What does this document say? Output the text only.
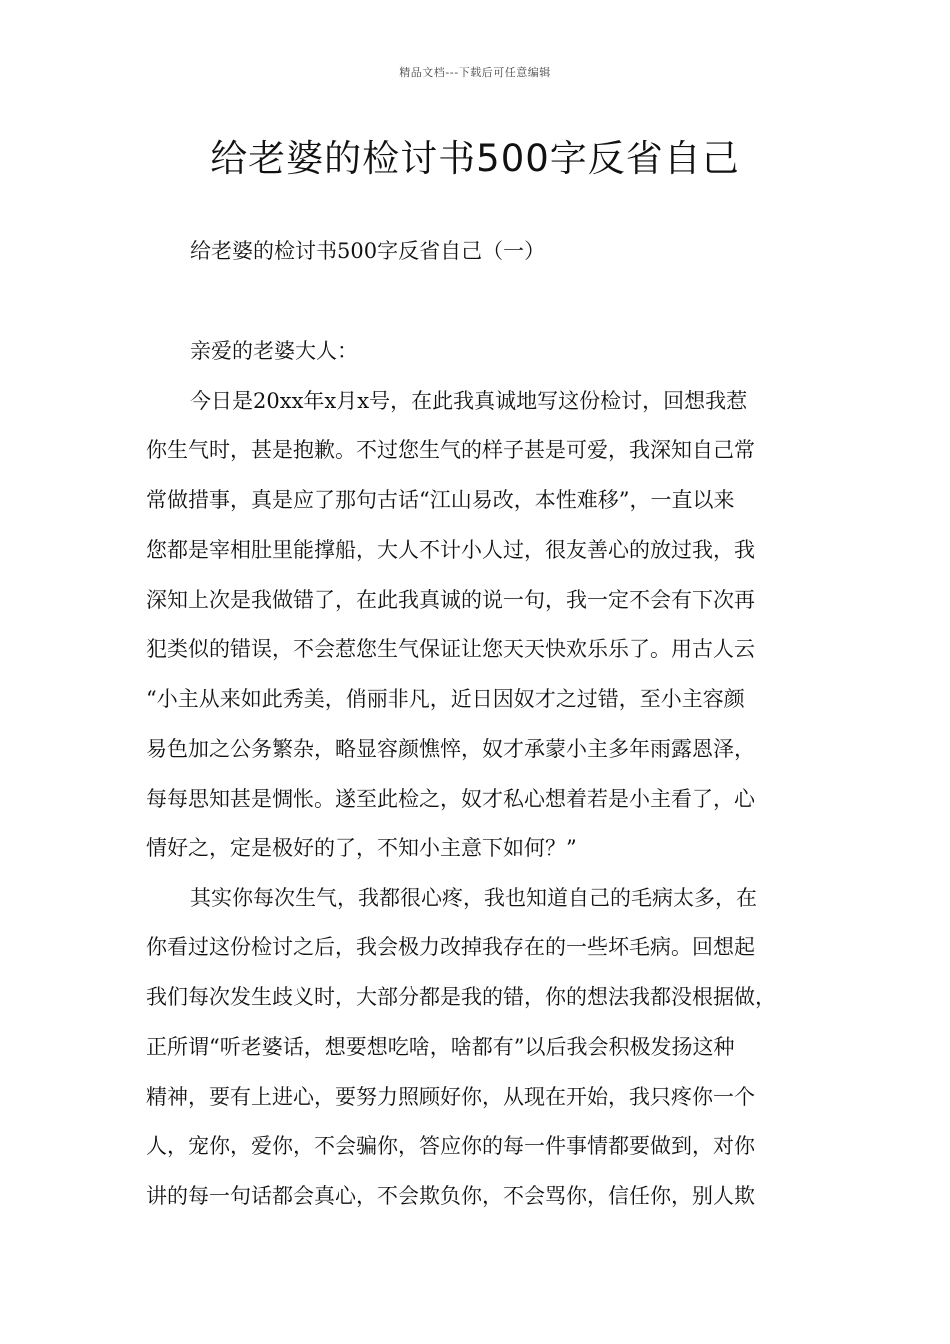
精品文档---下载后可任意编辑
给老婆的检讨书500字反省自己
给老婆的检讨书500字反省自己（一）
亲爱的老婆大人：
今日是20xx年x月x号，在此我真诚地写这份检讨，回想我惹
你生气时，甚是抱歉。不过您生气的样子甚是可爱，我深知自己常
常做措事，真是应了那句古话“江山易改，本性难移”，一直以来
您都是宰相肚里能撑船，大人不计小人过，很友善心的放过我，我
深知上次是我做错了，在此我真诚的说一句，我一定不会有下次再
犯类似的错误，不会惹您生气保证让您天天快欢乐乐了。用古人云
“小主从来如此秀美，俏丽非凡，近日因奴才之过错，至小主容颜
易色加之公务繁杂，略显容颜憔悴，奴才承蒙小主多年雨露恩泽，
每每思知甚是惆怅。遂至此检之，奴才私心想着若是小主看了，心
情好之，定是极好的了，不知小主意下如何？”
其实你每次生气，我都很心疼，我也知道自己的毛病太多，在
你看过这份检讨之后，我会极力改掉我存在的一些坏毛病。回想起
我们每次发生歧义时，大部分都是我的错，你的想法我都没根据做，
正所谓“听老婆话，想要想吃啥，啥都有”以后我会积极发扬这种
精神，要有上进心，要努力照顾好你，从现在开始，我只疼你一个
人，宠你，爱你，不会骗你，答应你的每一件事情都要做到，对你
讲的每一句话都会真心，不会欺负你，不会骂你，信任你，别人欺
